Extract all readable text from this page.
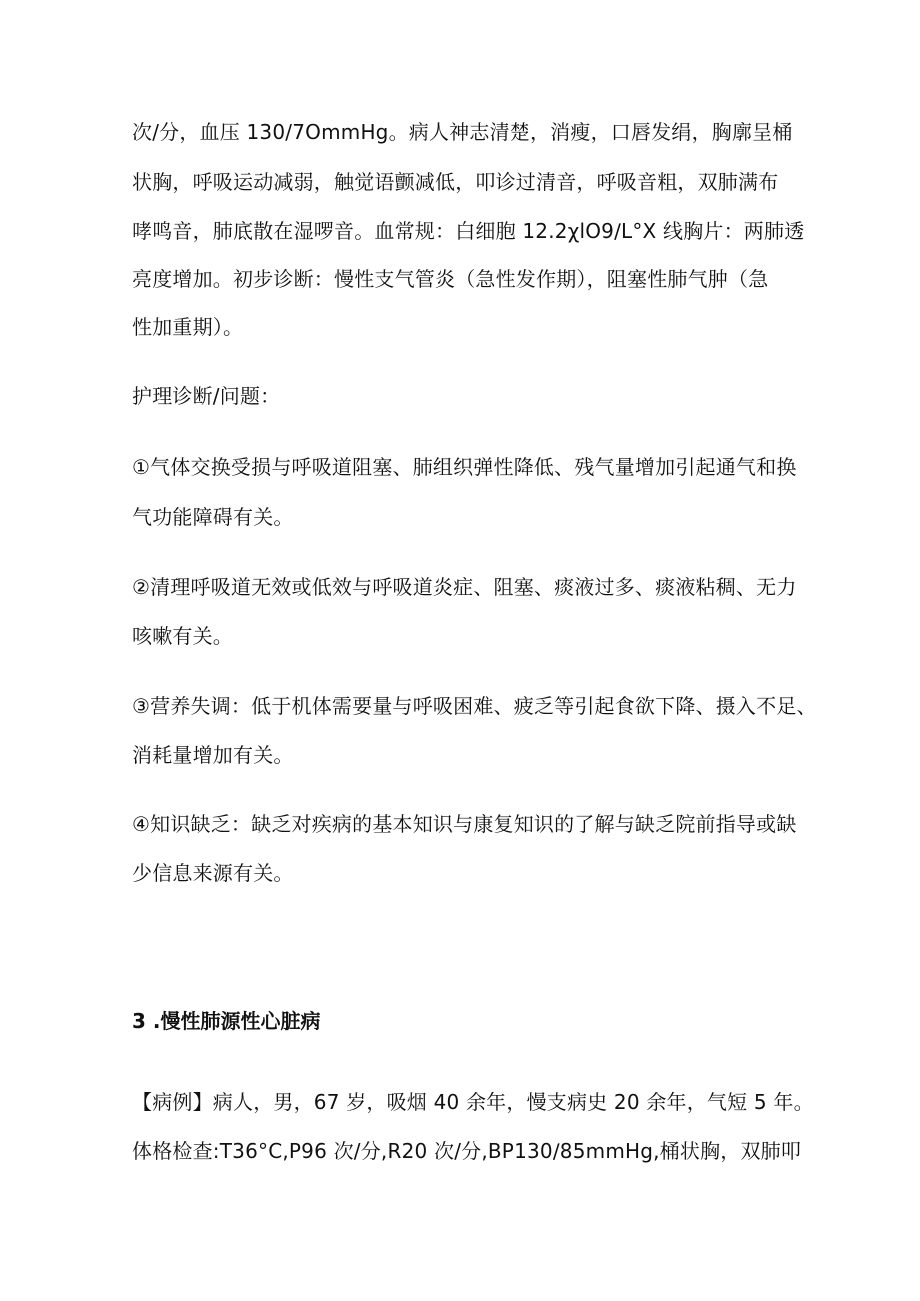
次/分，血压 130/7OmmHg。病人神志清楚，消瘦，口唇发绢，胸廓呈桶
状胸，呼吸运动减弱，触觉语颤减低，叩诊过清音，呼吸音粗，双肺满布
哮鸣音，肺底散在湿啰音。血常规：白细胞 12.2χlO9∕L°X 线胸片：两肺透
亮度增加。初步诊断：慢性支气管炎（急性发作期），阻塞性肺气肿（急
性加重期）。
护理诊断/问题：
①气体交换受损与呼吸道阻塞、肺组织弹性降低、残气量增加引起通气和换
气功能障碍有关。
②清理呼吸道无效或低效与呼吸道炎症、阻塞、痰液过多、痰液粘稠、无力
咳嗽有关。
③营养失调：低于机体需要量与呼吸困难、疲乏等引起食欲下降、摄入不足、
消耗量增加有关。
④知识缺乏：缺乏对疾病的基本知识与康复知识的了解与缺乏院前指导或缺
少信息来源有关。
3 .慢性肺源性心脏病
【病例】病人，男，67 岁，吸烟 40 余年，慢支病史 20 余年，气短 5 年。
体格检查:T36°C,P96 次/分,R20 次/分,BP130∕85mmHg,桶状胸，双肺叩
